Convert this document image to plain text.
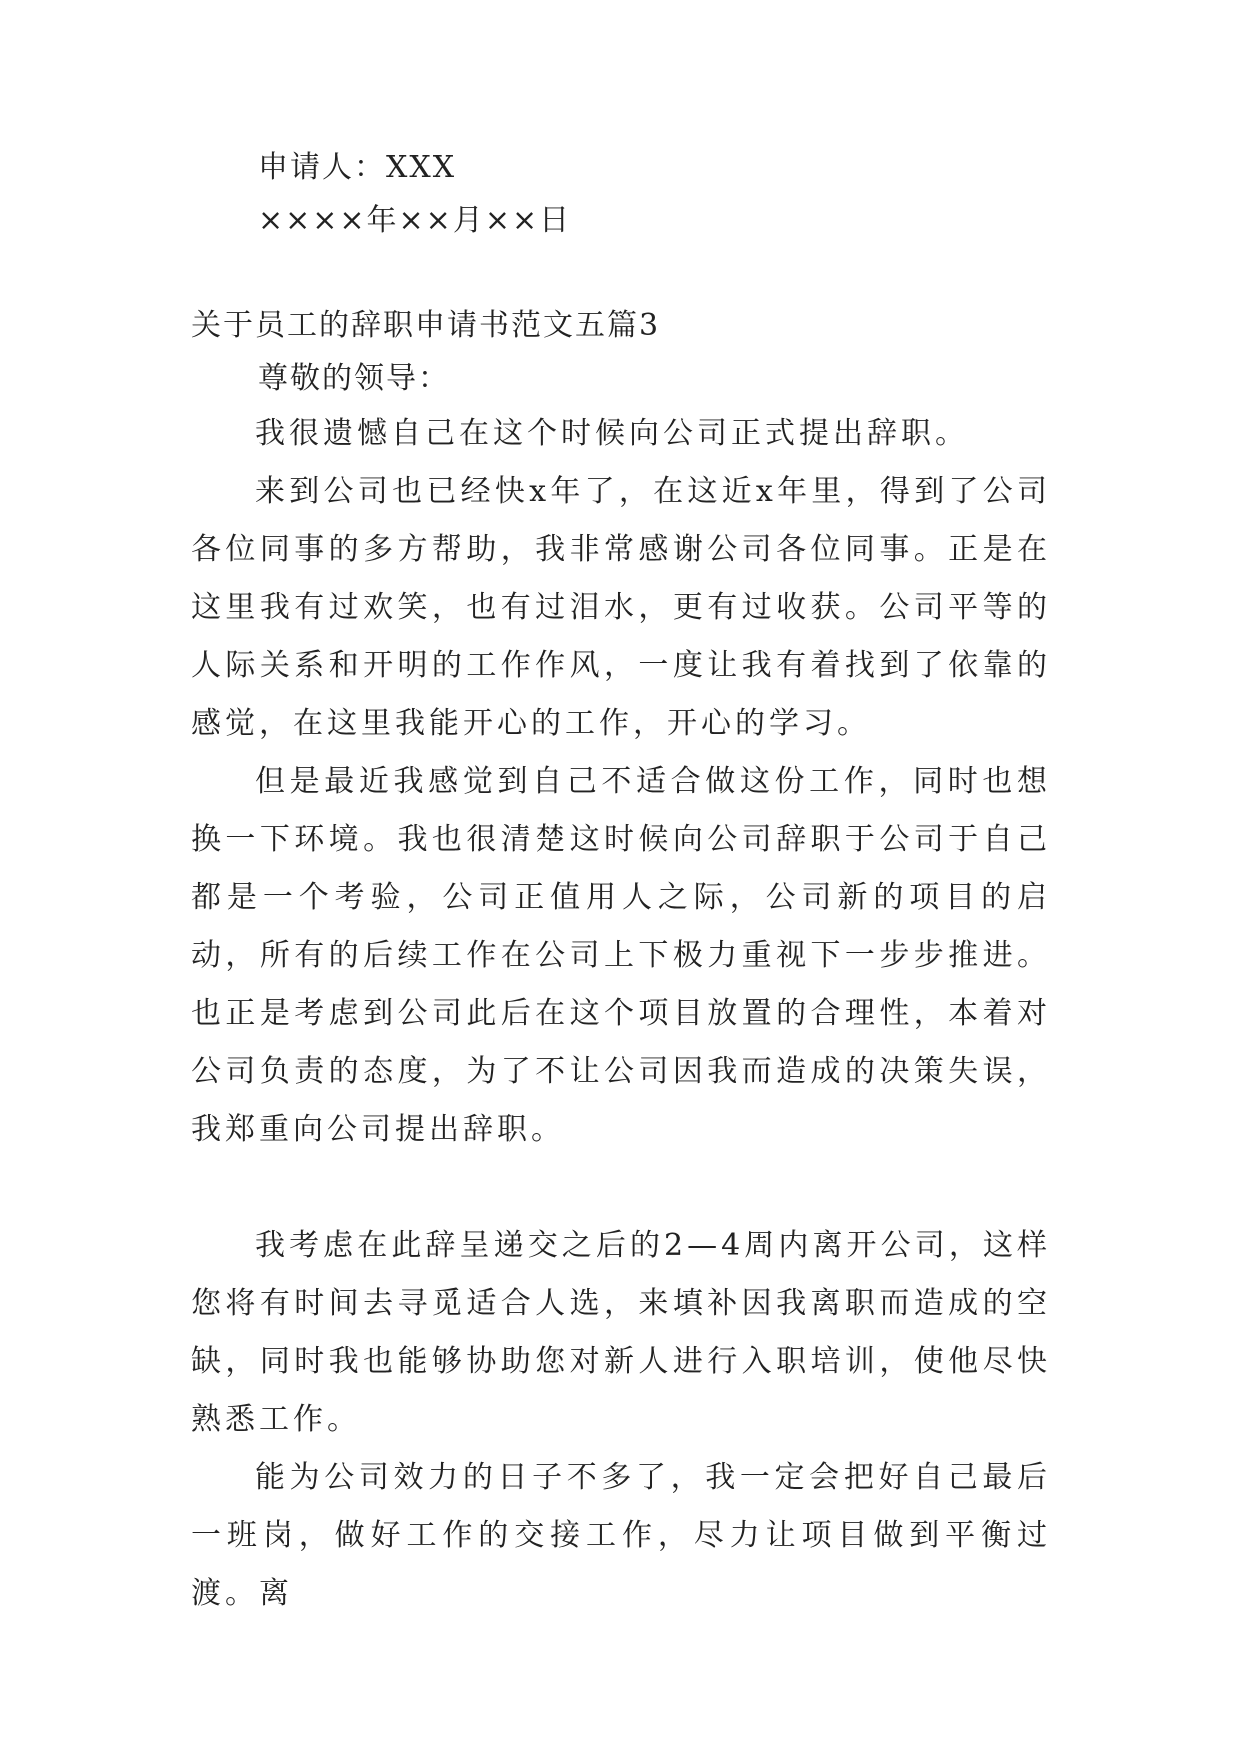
申请人：XXX
××××年××月××日
关于员工的辞职申请书范文五篇3
尊敬的领导：
我很遗憾自己在这个时候向公司正式提出辞职。
来到公司也已经快x年了，在这近x年里，得到了公司各位同事的多方帮助，我非常感谢公司各位同事。正是在这里我有过欢笑，也有过泪水，更有过收获。公司平等的人际关系和开明的工作作风，一度让我有着找到了依靠的感觉，在这里我能开心的工作，开心的学习。
但是最近我感觉到自己不适合做这份工作，同时也想换一下环境。我也很清楚这时候向公司辞职于公司于自己都是一个考验，公司正值用人之际，公司新的项目的启动，所有的后续工作在公司上下极力重视下一步步推进。也正是考虑到公司此后在这个项目放置的合理性，本着对公司负责的态度，为了不让公司因我而造成的决策失误，我郑重向公司提出辞职。
我考虑在此辞呈递交之后的2—4周内离开公司，这样您将有时间去寻觅适合人选，来填补因我离职而造成的空缺，同时我也能够协助您对新人进行入职培训，使他尽快熟悉工作。
能为公司效力的日子不多了，我一定会把好自己最后一班岗，做好工作的交接工作，尽力让项目做到平衡过渡。离
